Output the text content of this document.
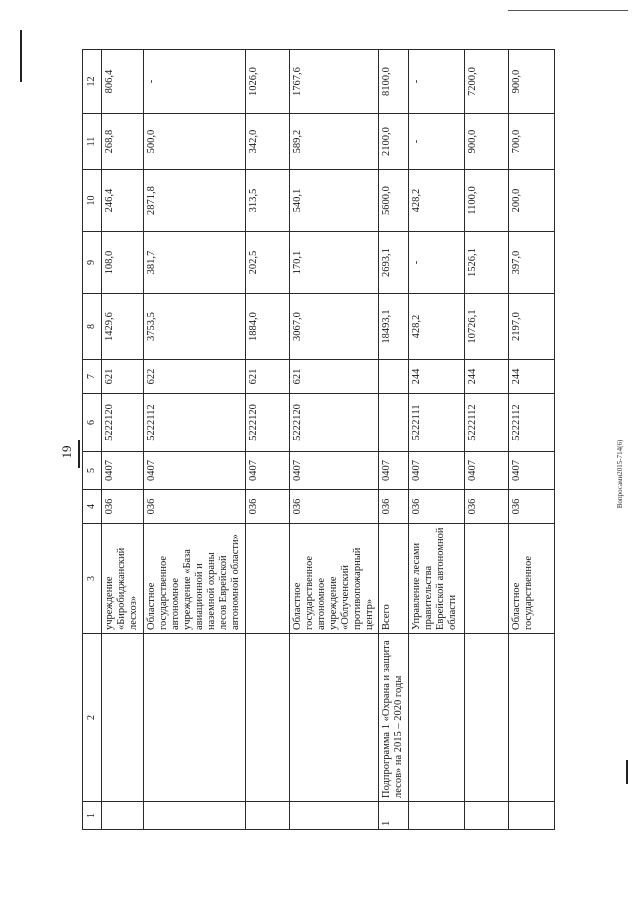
19	Вопросами2015-714(6)
1	2	3	4	5	6	7	8	9	10	11	12
		учреждение «Биробиджанский лесхоз»	036	0407	5222120	621	1429,6	108,0	246,4	268,8	806,4
		Областное государственное автономное учреждение «База авиационной и наземной охраны лесов Еврейской автономной области»	036	0407	5222112	622	3753,5	381,7	2871,8	500,0	-
			036	0407	5222120	621	1884,0	202,5	313,5	342,0	1026,0
		Областное государственное автономное учреждение «Облученский противопожарный центр»	036	0407	5222120	621	3067,0	170,1	540,1	589,2	1767,6
1	Подпрограмма 1 «Охрана и защита лесов» на 2015 – 2020 годы	Всего	036	0407			18493,1	2693,1	5600,0	2100,0	8100,0
		Управление лесами правительства Еврейской автономной области	036	0407	5222111	244	428,2	-	428,2	-	-
			036	0407	5222112	244	10726,1	1526,1	1100,0	900,0	7200,0
		Областное государственное	036	0407	5222112	244	2197,0	397,0	200,0	700,0	900,0
